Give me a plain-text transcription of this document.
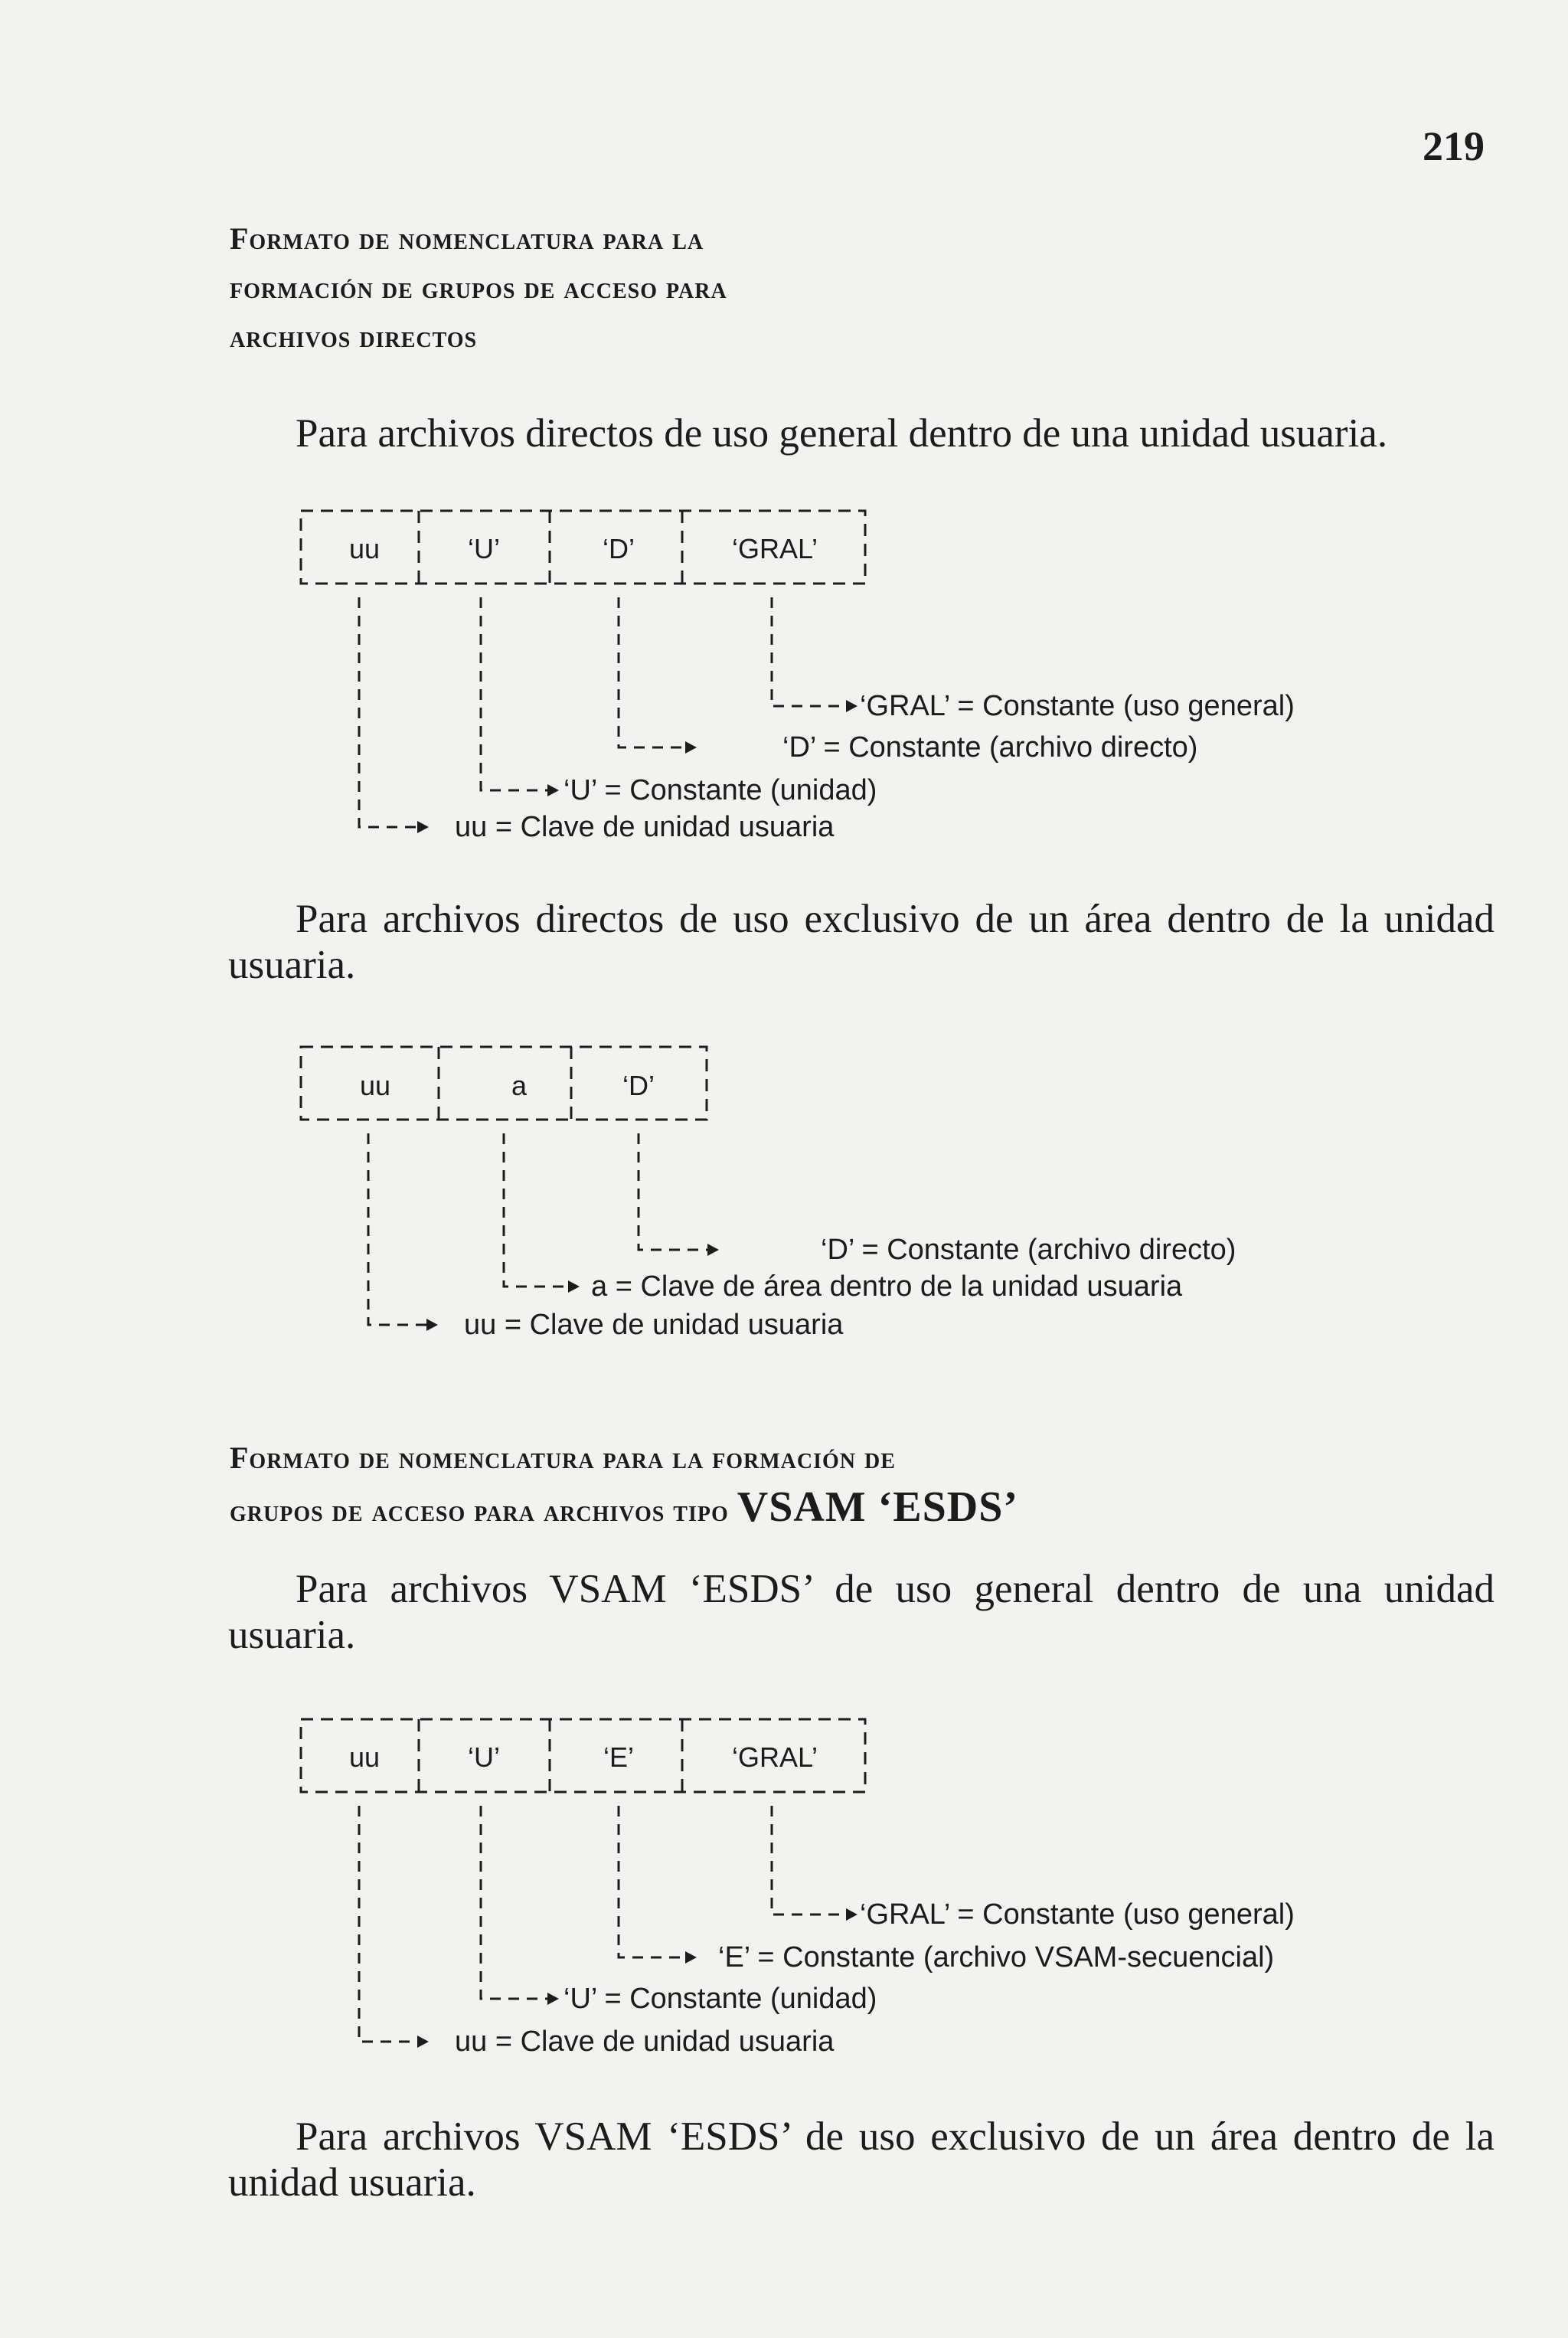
219
Formato de nomenclatura para la
formación de grupos de acceso para
archivos directos
Para archivos directos de uso general dentro de una unidad usuaria.
uu	‘U’	‘D’	‘GRAL’
‘GRAL’ = Constante (uso general)
‘D’ = Constante (archivo directo)
‘U’ = Constante (unidad)
uu = Clave de unidad usuaria
Para archivos directos de uso exclusivo de un área dentro de la unidad usuaria.
uu	a	‘D’
‘D’ = Constante (archivo directo)
a = Clave de área dentro de la unidad usuaria
uu = Clave de unidad usuaria
Formato de nomenclatura para la formación de
grupos de acceso para archivos tipo VSAM ‘ESDS’
Para archivos VSAM ‘ESDS’ de uso general dentro de una unidad usuaria.
uu	‘U’	‘E’	‘GRAL’
‘GRAL’ = Constante (uso general)
‘E’ = Constante (archivo VSAM-secuencial)
‘U’ = Constante (unidad)
uu = Clave de unidad usuaria
Para archivos VSAM ‘ESDS’ de uso exclusivo de un área dentro de la unidad usuaria.
